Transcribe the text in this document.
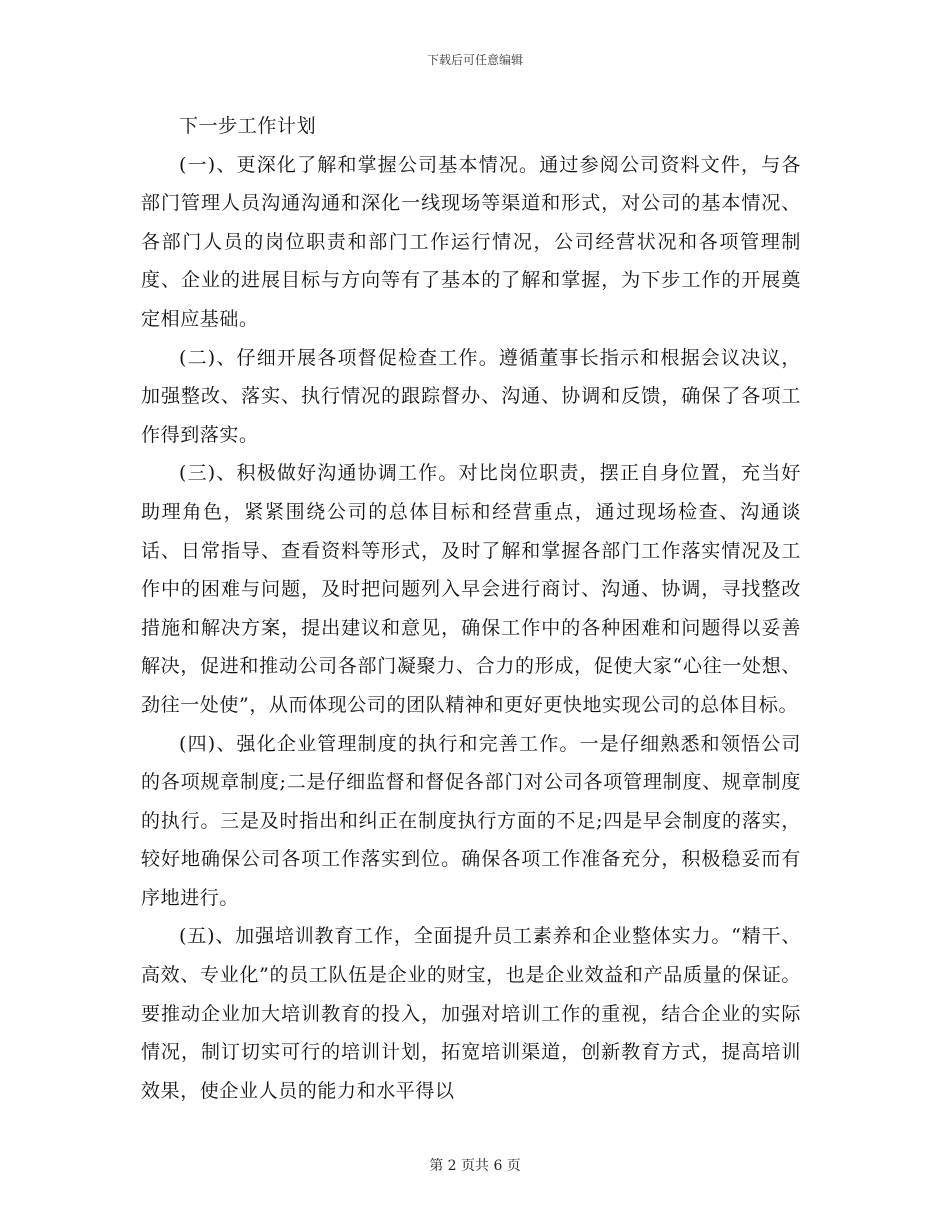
下载后可任意编辑

下一步工作计划

(一)、更深化了解和掌握公司基本情况。通过参阅公司资料文件，与各部门管理人员沟通沟通和深化一线现场等渠道和形式，对公司的基本情况、各部门人员的岗位职责和部门工作运行情况，公司经营状况和各项管理制度、企业的进展目标与方向等有了基本的了解和掌握，为下步工作的开展奠定相应基础。

(二)、仔细开展各项督促检查工作。遵循董事长指示和根据会议决议，加强整改、落实、执行情况的跟踪督办、沟通、协调和反馈，确保了各项工作得到落实。

(三)、积极做好沟通协调工作。对比岗位职责，摆正自身位置，充当好助理角色，紧紧围绕公司的总体目标和经营重点，通过现场检查、沟通谈话、日常指导、查看资料等形式，及时了解和掌握各部门工作落实情况及工作中的困难与问题，及时把问题列入早会进行商讨、沟通、协调，寻找整改措施和解决方案，提出建议和意见，确保工作中的各种困难和问题得以妥善解决，促进和推动公司各部门凝聚力、合力的形成，促使大家“心往一处想、劲往一处使”，从而体现公司的团队精神和更好更快地实现公司的总体目标。

(四)、强化企业管理制度的执行和完善工作。一是仔细熟悉和领悟公司的各项规章制度;二是仔细监督和督促各部门对公司各项管理制度、规章制度的执行。三是及时指出和纠正在制度执行方面的不足;四是早会制度的落实，较好地确保公司各项工作落实到位。确保各项工作准备充分，积极稳妥而有序地进行。

(五)、加强培训教育工作，全面提升员工素养和企业整体实力。“精干、高效、专业化”的员工队伍是企业的财宝，也是企业效益和产品质量的保证。要推动企业加大培训教育的投入，加强对培训工作的重视，结合企业的实际情况，制订切实可行的培训计划，拓宽培训渠道，创新教育方式，提高培训效果，使企业人员的能力和水平得以

第 2 页共 6 页
